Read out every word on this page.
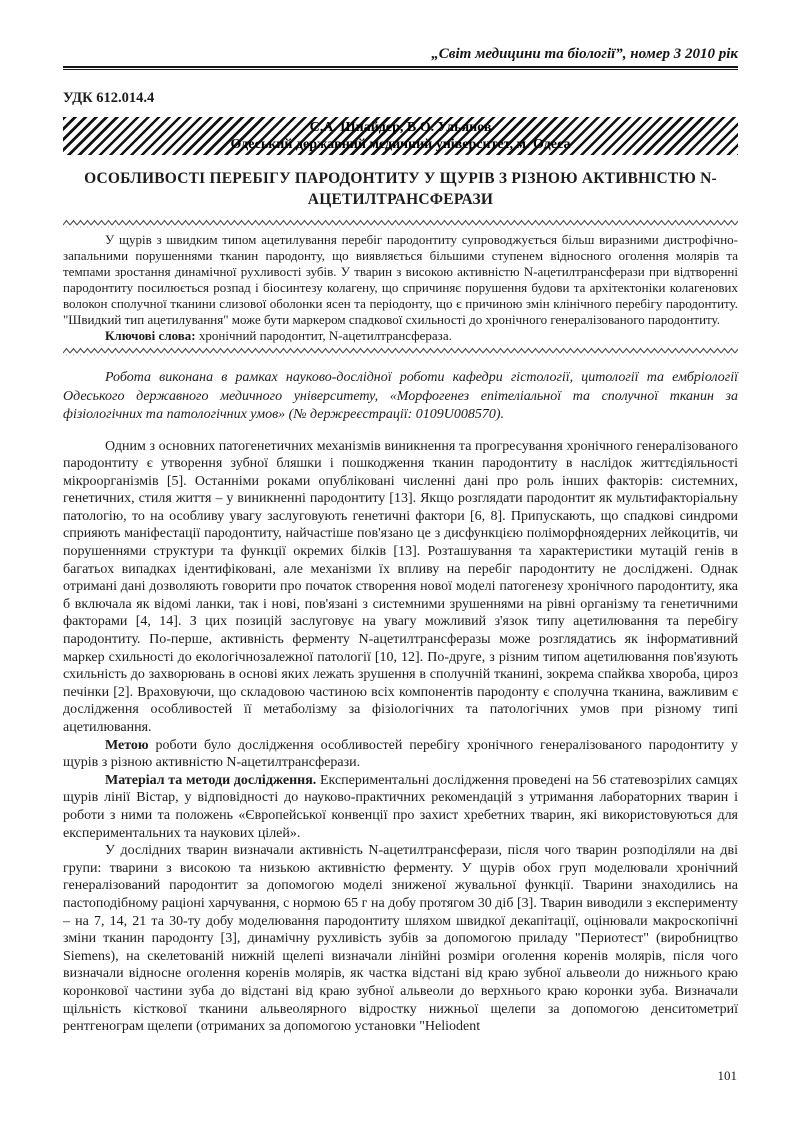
„Світ медицини та біології”, номер 3 2010 рік
УДК 612.014.4
С.А. Шнайдер, В.О. Ульянов
Одеський державний медичний університет, м. Одеса
ОСОБЛИВОСТІ ПЕРЕБІГУ ПАРОДОНТИТУ У ЩУРІВ З РІЗНОЮ АКТИВНІСТЮ N-АЦЕТИЛТРАНСФЕРАЗИ

У щурів з швидким типом ацетилування перебіг пародонтиту супроводжується більш виразними дистрофічно-запальними порушеннями тканин пародонту, що виявляється більшими ступенем відносного оголення молярів та темпами зростання динамічної рухливості зубів. У тварин з високою активністю N-ацетилтрансферази при відтворенні пародонтиту посилюється розпад і біосинтезу колагену, що спричиняє порушення будови та архітектоніки колагенових волокон сполучної тканини слизової оболонки ясен та періодонту, що є причиною змін клінічного перебігу пародонтиту. "Швидкий тип ацетилування" може бути маркером спадкової схильності до хронічного генералізованого пародонтиту.

Ключові слова: хронічний пародонтит, N-ацетилтрансфераза.

Робота виконана в рамках науково-дослідної роботи кафедри гістології, цитології та ембріології Одеського державного медичного університету, «Морфогенез епітеліальної та сполучної тканин за фізіологічних та патологічних умов» (№ держреєстрації: 0109U008570).

Одним з основних патогенетичних механізмів виникнення та прогресування хронічного генералізованого пародонтиту є утворення зубної бляшки і пошкодження тканин пародонтиту в наслідок життєдіяльності мікроорганізмів [5]. Останніми роками опубліковані численні дані про роль інших факторів: системних, генетичних, стиля життя – у виникненні пародонтиту [13]. Якщо розглядати пародонтит як мультифакторіальну патологію, то на особливу увагу заслуговують генетичні фактори [6, 8]. Припускають, що спадкові синдроми сприяють маніфестації пародонтиту, найчастіше пов'язано це з дисфункцією поліморфноядерних лейкоцитів, чи порушеннями структури та функції окремих білків [13]. Розташування та характеристики мутацій генів в багатьох випадках ідентифіковані, але механізми їх впливу на перебіг пародонтиту не досліджені. Однак отримані дані дозволяють говорити про початок створення нової моделі патогенезу хронічного пародонтиту, яка б включала як відомі ланки, так і нові, пов'язані з системними зрушеннями на рівні організму та генетичними факторами [4, 14]. З цих позицій заслуговує на увагу можливий з'язок типу ацетилювання та перебігу пародонтиту. По-перше, активність ферменту N-ацетилтрансферазы може розглядатись як інформативний маркер схильності до екологічнозалежної патології [10, 12]. По-друге, з різним типом ацетилювання пов'язують схильність до захворювань в основі яких лежать зрушення в сполучній тканині, зокрема спайква хвороба, цироз печінки [2]. Враховуючи, що складовою частиною всіх компонентів пародонту є сполучна тканина, важливим є дослідження особливостей її метаболізму за фізіологічних та патологічних умов при різному типі ацетилювання.

Метою роботи було дослідження особливостей перебігу хронічного генералізованого пародонтиту у щурів з різною активністю N-ацетилтрансферази.

Матеріал та методи дослідження. Експериментальні дослідження проведені на 56 статевозрілих самцях щурів лінії Вістар, у відповідності до науково-практичних рекомендацій з утримання лабораторних тварин і роботи з ними та положень «Європейської конвенції про захист хребетних тварин, які використовуються для експериментальних та наукових цілей».

У дослідних тварин визначали активність N-ацетилтрансферази, після чого тварин розподіляли на дві групи: тварини з високою та низькою активністю ферменту. У щурів обох груп моделювали хронічний генералізований пародонтит за допомогою моделі зниженої жувальної функції. Тварини знаходились на пастоподібному раціоні харчування, с нормою 65 г на добу протягом 30 діб [3]. Тварин виводили з експерименту – на 7, 14, 21 та 30-ту добу моделювання пародонтиту шляхом швидкої декапітації, оцінювали макроскопічні зміни тканин пародонту [3], динамічну рухливість зубів за допомогою приладу "Периотест" (виробництво Siemens), на скелетованій нижній щелепі визначали лінійні розміри оголення коренів молярів, після чого визначали відносне оголення коренів молярів, як частка відстані від краю зубної альвеоли до нижнього краю коронкової частини зуба до відстані від краю зубної альвеоли до верхнього краю коронки зуба. Визначали щільність кісткової тканини альвеолярного відростку нижньої щелепи за допомогою денситометриї рентгенограм щелепи (отриманих за допомогою установки "Heliodent

101
